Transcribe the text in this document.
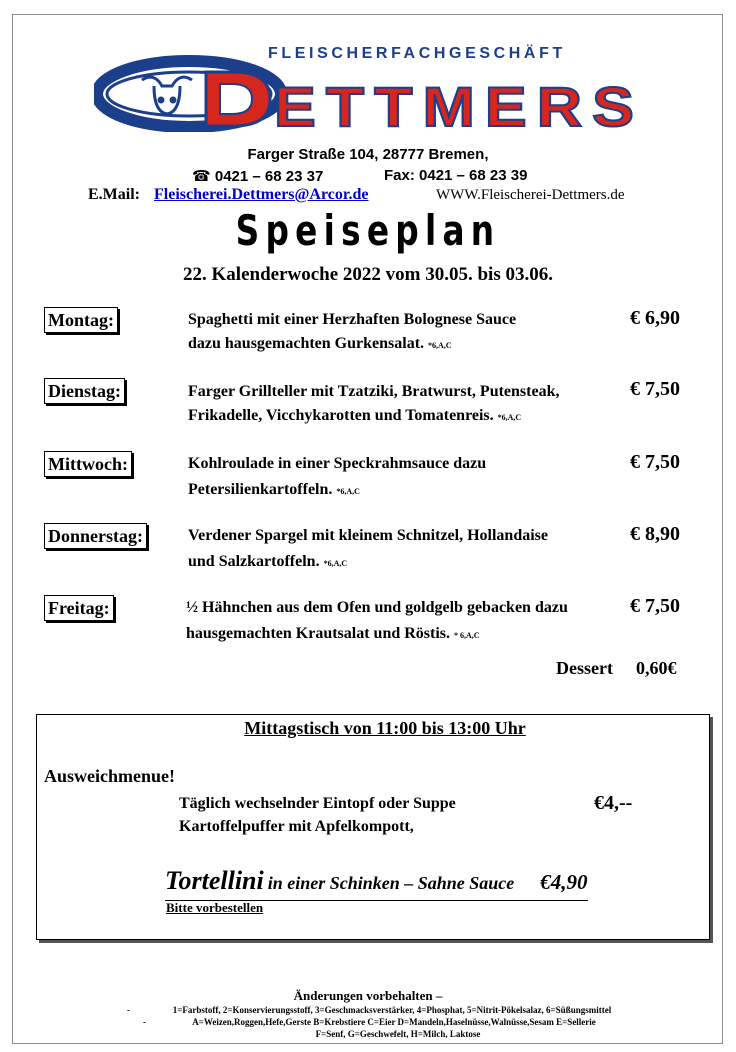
ETTMERS
FLEISCHERFACHGESCHÄFT
Farger Straße 104, 28777 Bremen,
☎ 0421 – 68 23 37	Fax: 0421 – 68 23 39
E.Mail: Fleischerei.Dettmers@Arcor.de	WWW.Fleischerei-Dettmers.de
Speiseplan
22. Kalenderwoche 2022 vom 30.05. bis 03.06.
Montag:	Spaghetti mit einer Herzhaften Bolognese Sauce
dazu hausgemachten Gurkensalat. *6,A,C
€ 6,90
Dienstag:	Farger Grillteller mit Tzatziki, Bratwurst, Putensteak,
Frikadelle, Vicchykarotten und Tomatenreis. *6,A,C
€ 7,50
Mittwoch:	Kohlroulade in einer Speckrahmsauce dazu
Petersilienkartoffeln. *6,A,C
€ 7,50
Donnerstag:	Verdener Spargel mit kleinem Schnitzel, Hollandaise
und Salzkartoffeln. *6,A,C
€ 8,90
Freitag:	½ Hähnchen aus dem Ofen und goldgelb gebacken dazu
hausgemachten Krautsalat und Röstis. * 6,A,C
€ 7,50
Dessert 0,60€
Mittagstisch von 11:00 bis 13:00 Uhr
Ausweichmenue!
Täglich wechselnder Eintopf oder Suppe
Kartoffelpuffer mit Apfelkompott,
€4,--
Tortellini in einer Schinken – Sahne Sauce €4,90
Bitte vorbestellen
Änderungen vorbehalten –
-	1=Farbstoff, 2=Konservierungsstoff, 3=Geschmacksverstärker, 4=Phosphat, 5=Nitrit-Pökelsalaz, 6=Süßungsmittel
-	A=Weizen,Roggen,Hefe,Gerste B=Krebstiere C=Eier D=Mandeln,Haselnüsse,Walnüsse,Sesam E=Sellerie
F=Senf, G=Geschwefelt, H=Milch, Laktose
